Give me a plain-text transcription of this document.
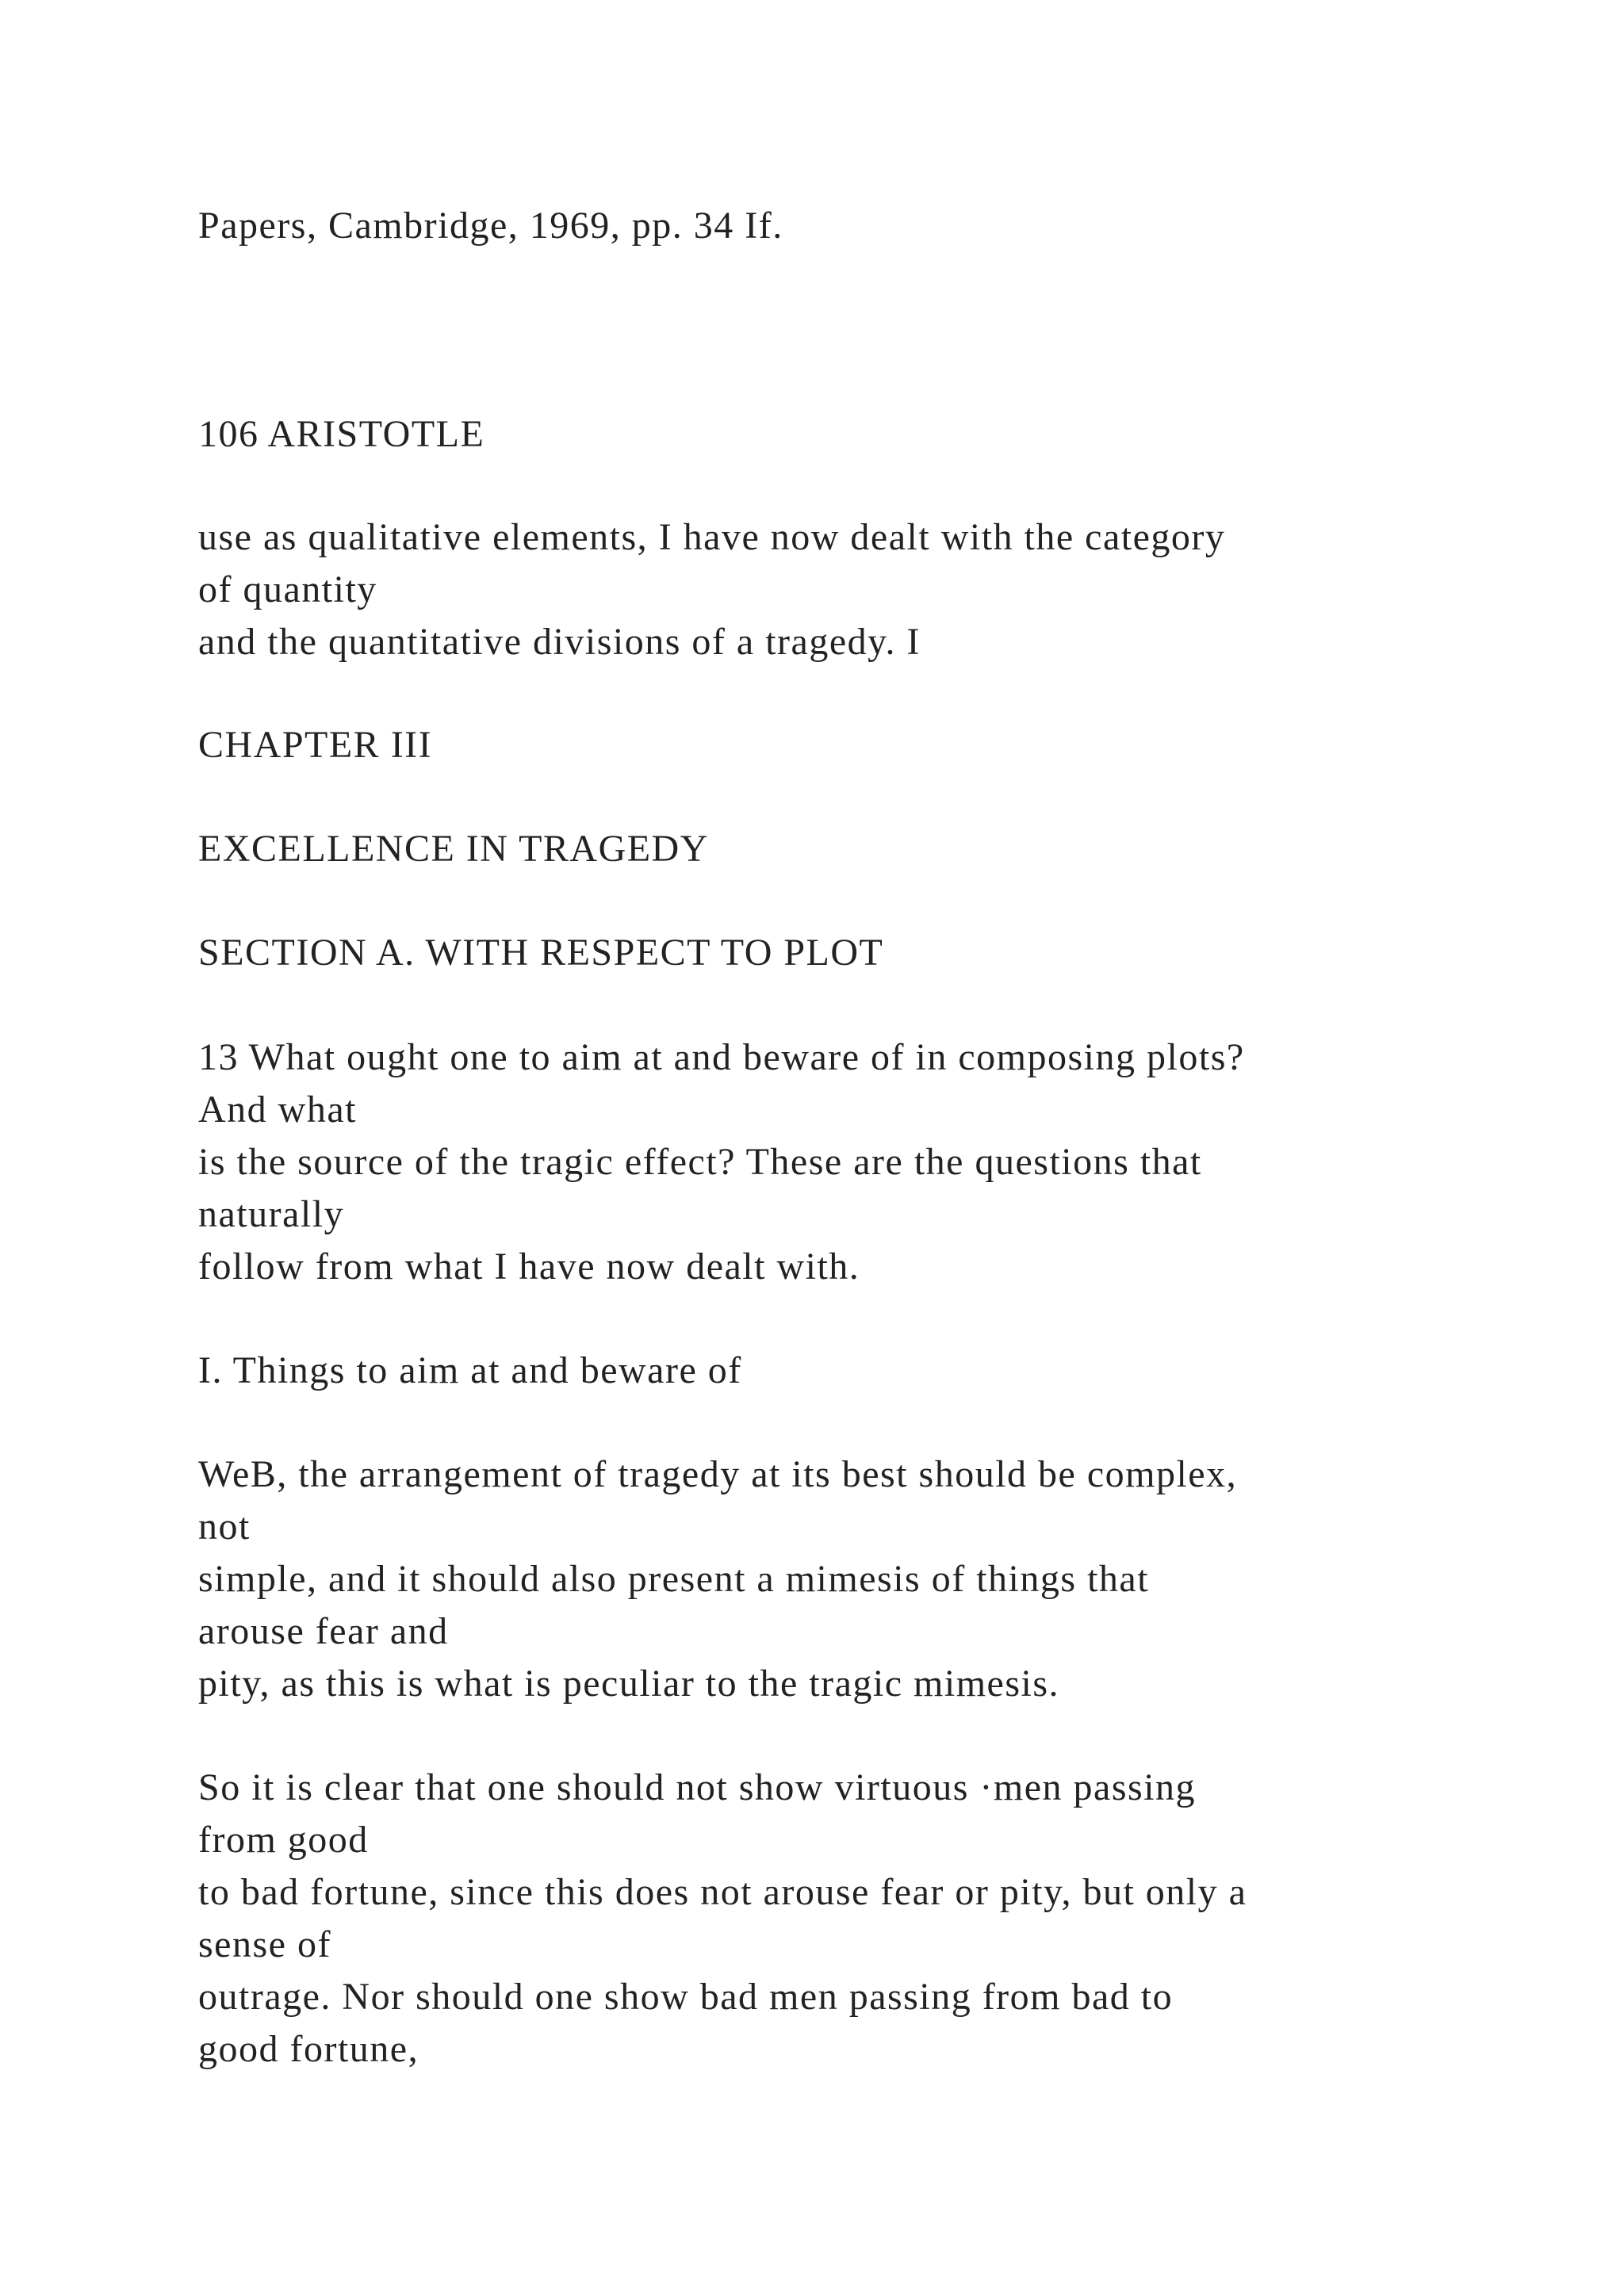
Papers, Cambridge, 1969, pp. 34 If.
106 ARISTOTLE
use as qualitative elements, I have now dealt with the category
of quantity
and the quantitative divisions of a tragedy. I
CHAPTER III
EXCELLENCE IN TRAGEDY
SECTION A. WITH RESPECT TO PLOT
13 What ought one to aim at and beware of in composing plots?
And what
is the source of the tragic effect? These are the questions that
naturally
follow from what I have now dealt with.
I. Things to aim at and beware of
WeB, the arrangement of tragedy at its best should be complex,
not
simple, and it should also present a mimesis of things that
arouse fear and
pity, as this is what is peculiar to the tragic mimesis.
So it is clear that one should not show virtuous ·men passing
from good
to bad fortune, since this does not arouse fear or pity, but only a
sense of
outrage. Nor should one show bad men passing from bad to
good fortune,
